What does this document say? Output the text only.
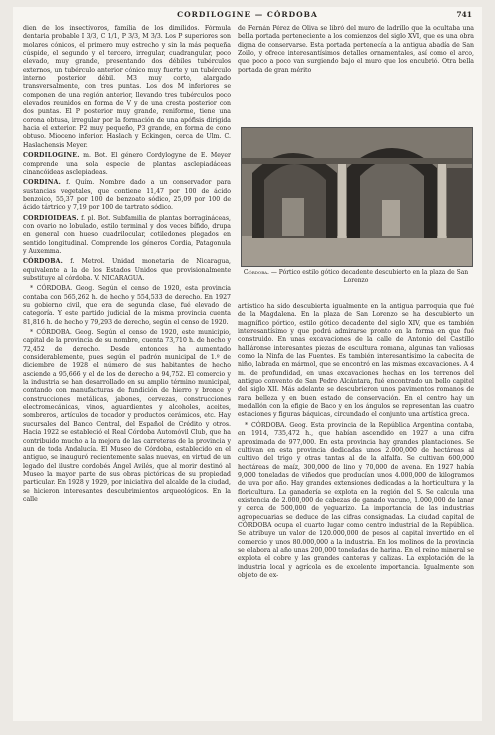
CORDILOGINE — CÓRDOBA	741

dien de los insectívoros, familia de los dimílidos. Fórmula dentaria probable I 3/3, C 1/1, P 3/3, M 3/3. Los P superiores son molares cónicos, el primero muy estrecho y sin la más pequeña cúspide, el segundo y el tercero, irregular, cuadrangular, poco elevado, muy grande, presentando dos débiles tubérculos externos, un tubérculo anterior cónico muy fuerte y un tubérculo interno posterior débil. M3 muy corto, alargado transversalmente, con tres puntas. Los dos M inferiores se componen de una región anterior, llevando tres tubérculos poco elevados reunidos en forma de V y de una cresta posterior con dos puntas. El P posterior muy grande, reniforme, tiene una corona obtusa, irregular por la formación de una apófisis dirigida hacia el exterior. P2 muy pequeño, P3 grande, en forma de cono obtuso. Mioceno inferior. Haslach y Eckingen, cerca de Ulm. C. Haslachensis Meyer.

CORDILOGINE. m. Bot. El género Cordylogyne de E. Meyer comprende una sola especie de plantas asclepiadáceas cinancóideas asclepiadeas.

CORDINA. f. Quím. Nombre dado a un conservador para sustancias vegetales, que contiene 11,47 por 100 de ácido benzoico, 55,37 por 100 de benzoato sódico, 25,09 por 100 de ácido tártrico y 7,19 por 100 de tartrato sódico.

CORDIOIDEAS. f. pl. Bot. Subfamilia de plantas borragináceas, con ovario no lobulado, estilo terminal y dos veces bífido, drupa en general con hueso cuadrilocular, cotiledones plegados en sentido longitudinal. Comprende los géneros Cordia, Patagonula y Auxemma.

CÓRDOBA. f. Metrol. Unidad monetaria de Nicaragua, equivalente a la de los Estados Unidos que provisionalmente substituye al córdoba. V. NICARAGUA.

* CÓRDOBA. Geog. Según el censo de 1920, esta provincia contaba con 565,262 h. de hecho y 554,533 de derecho. En 1927 su gobierno civil, que era de segunda clase, fué elevado de categoría. Y este partido judicial de la misma provincia cuenta 81,816 h. de hecho y 79,293 de derecho, según el censo de 1920.

* CÓRDOBA. Geog. Según el censo de 1920, este municipio, capital de la provincia de su nombre, cuenta 73,710 h. de hecho y 72,452 de derecho. Desde entonces ha aumentado considerablemente, pues según el padrón municipal de 1.º de diciembre de 1928 el número de sus habitantes de hecho asciende a 95,666 y el de los de derecho a 94,752. El comercio y la industria se han desarrollado en su amplio término municipal, contando con manufacturas de fundición de hierro y bronce y construcciones metálicas, jabones, cervezas, construcciones electromecánicas, vinos, aguardientes y alcoholes, aceites, sombreros, artículos de tocador y productos cerámicos, etc. Hay sucursales del Banco Central, del Español de Crédito y otros. Hacia 1922 se estableció el Real Córdoba Automóvil Club, que ha contribuido mucho a la mejora de las carreteras de la provincia y aun de toda Andalucía. El Museo de Córdoba, establecido en el antiguo, se inauguró recientemente salas nuevas, en virtud de un legado del ilustre cordobés Ángel Avilés, que al morir destinó al Museo la mayor parte de sus obras pictóricas de su propiedad particular. En 1928 y 1929, por iniciativa del alcalde de la ciudad, se hicieron interesantes descubrimientos arqueológicos. En la calle

de Fernán Pérez de Oliva se libró del muro de ladrillo que la ocultaba una bella portada perteneciente a los comienzos del siglo XVI, que es una obra digna de conservarse. Esta portada pertenecía a la antigua abadía de San Zoilo, y ofrece interesantísimos detalles ornamentales, así como el arco, que poco a poco van surgiendo bajo el muro que los encubrió. Otra bella portada de gran mérito

Córdoba. — Pórtico estilo gótico decadente descubierto en la plaza de San Lorenzo

artístico ha sido descubierta igualmente en la antigua parroquia que fué de la Magdalena. En la plaza de San Lorenzo se ha descubierto un magnífico pórtico, estilo gótico decadente del siglo XIV, que es también interesantísimo y que podrá admirarse pronto en la forma en que fué construido. En unas excavaciones de la calle de Antonio del Castillo halláronse interesantes piezas de escultura romana, algunas tan valiosas como la Ninfa de las Fuentes. Es también interesantísimo la cabecita de niño, labrada en mármol, que se encontró en las mismas excavaciones. A 4 m. de profundidad, en unas excavaciones hechas en los terrenos del antiguo convento de San Pedro Alcántara, fué encontrado un bello capitel del siglo XII. Más adelante se descubrieron unos pavimentos romanos de rara belleza y en buen estado de conservación. En el centro hay un medallón con la efigie de Baco y en los ángulos se representan las cuatro estaciones y figuras báquicas, circundado el conjunto una artística greca.

* CÓRDOBA. Geog. Esta provincia de la República Argentina contaba, en 1914, 735,472 h., que habían ascendido en 1927 a una cifra aproximada de 977,000. En esta provincia hay grandes plantaciones. Se cultivan en esta provincia dedicadas unos 2.000,000 de hectáreas al cultivo del trigo y otras tantas al de la alfalfa. Se cultivan 600,000 hectáreas de maíz, 300,000 de lino y 70,000 de avena. En 1927 había 9,000 toneladas de viñedos que producían unos 4.000,000 de kilogramos de uva por año. Hay grandes extensiones dedicadas a la horticultura y la floricultura. La ganadería se explota en la región del S. Se calcula una existencia de 2.000,000 de cabezas de ganado vacuno, 1.000,000 de lanar y cerca de 500,000 de yeguarizo. La importancia de las industrias agropecuarias se deduce de las cifras consignadas. La ciudad capital de CÓRDOBA ocupa el cuarto lugar como centro industrial de la República. Se atribuye un valor de 120.000,000 de pesos al capital invertido en el comercio y unos 80.000,000 a la industria. En los molinos de la provincia se elabora al año unas 200,000 toneladas de harina. En el reino mineral se explota el cobre y las grandes canteras y calizas. La explotación de la industria local y agrícola es de excelente importancia. Igualmente son objeto de ex-
